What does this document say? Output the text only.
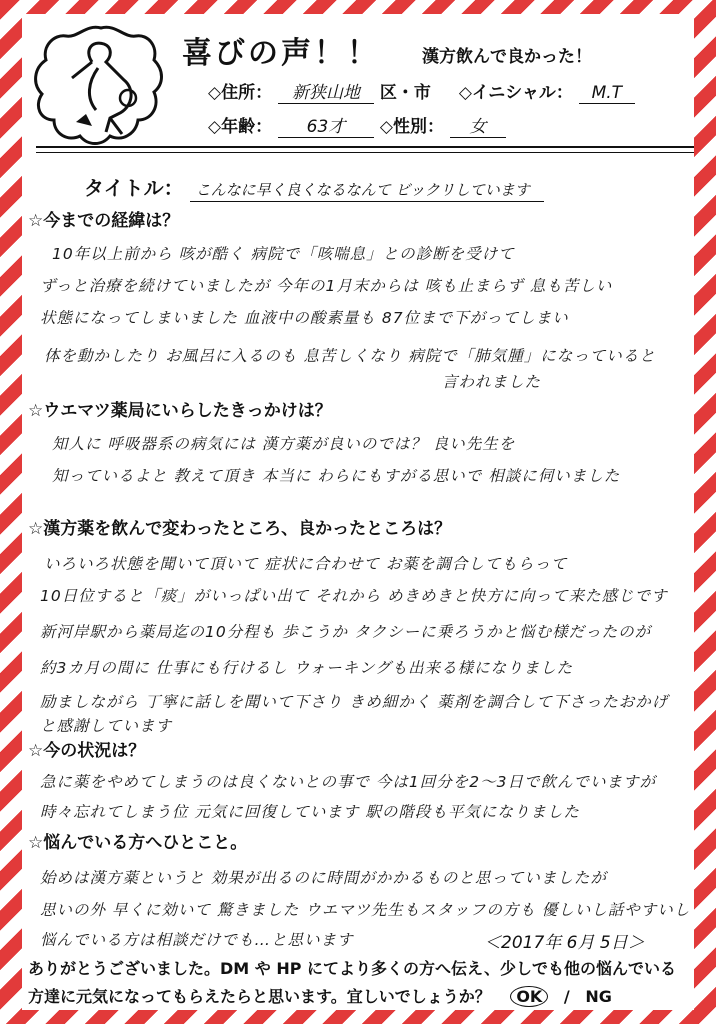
喜びの声！！ 漢方飲んで良かった！
◇住所： 新狭山地 区・市 ◇イニシャル： M.T
◇年齢： 63才 ◇性別： 女
タイトル： こんなに早く良くなるなんて ビックリしています
☆今までの経緯は？
10年以上前から 咳が酷く 病院で「咳喘息」との診断を受けて
ずっと治療を続けていましたが 今年の1月末からは 咳も止まらず 息も苦しい
状態になってしまいました 血液中の酸素量も 87位まで下がってしまい
体を動かしたり お風呂に入るのも 息苦しくなり 病院で「肺気腫」になっていると
言われました
☆ウエマツ薬局にいらしたきっかけは？
知人に 呼吸器系の病気には 漢方薬が良いのでは？ 良い先生を
知っているよと 教えて頂き 本当に わらにもすがる思いで 相談に伺いました
☆漢方薬を飲んで変わったところ、良かったところは？
いろいろ状態を聞いて頂いて 症状に合わせて お薬を調合してもらって
10日位すると「痰」がいっぱい出て それから めきめきと快方に向って来た感じです
新河岸駅から薬局迄の10分程も 歩こうか タクシーに乗ろうかと悩む様だったのが
約3カ月の間に 仕事にも行けるし ウォーキングも出来る様になりました
励ましながら 丁寧に話しを聞いて下さり きめ細かく 薬剤を調合して下さったおかげ
と感謝しています
☆今の状況は？
急に薬をやめてしまうのは良くないとの事で 今は1回分を2〜3日で飲んでいますが
時々忘れてしまう位 元気に回復しています 駅の階段も平気になりました
☆悩んでいる方へひとこと。
始めは漢方薬というと 効果が出るのに時間がかかるものと思っていましたが
思いの外 早くに効いて 驚きました ウエマツ先生もスタッフの方も 優しいし話やすいし
悩んでいる方は相談だけでも…と思います	＜2017年 6月 5日＞
ありがとうございました。DM や HP にてより多くの方へ伝え、少しでも他の悩んでいる
方達に元気になってもらえたらと思います。宜しいでしょうか？ OK / NG
